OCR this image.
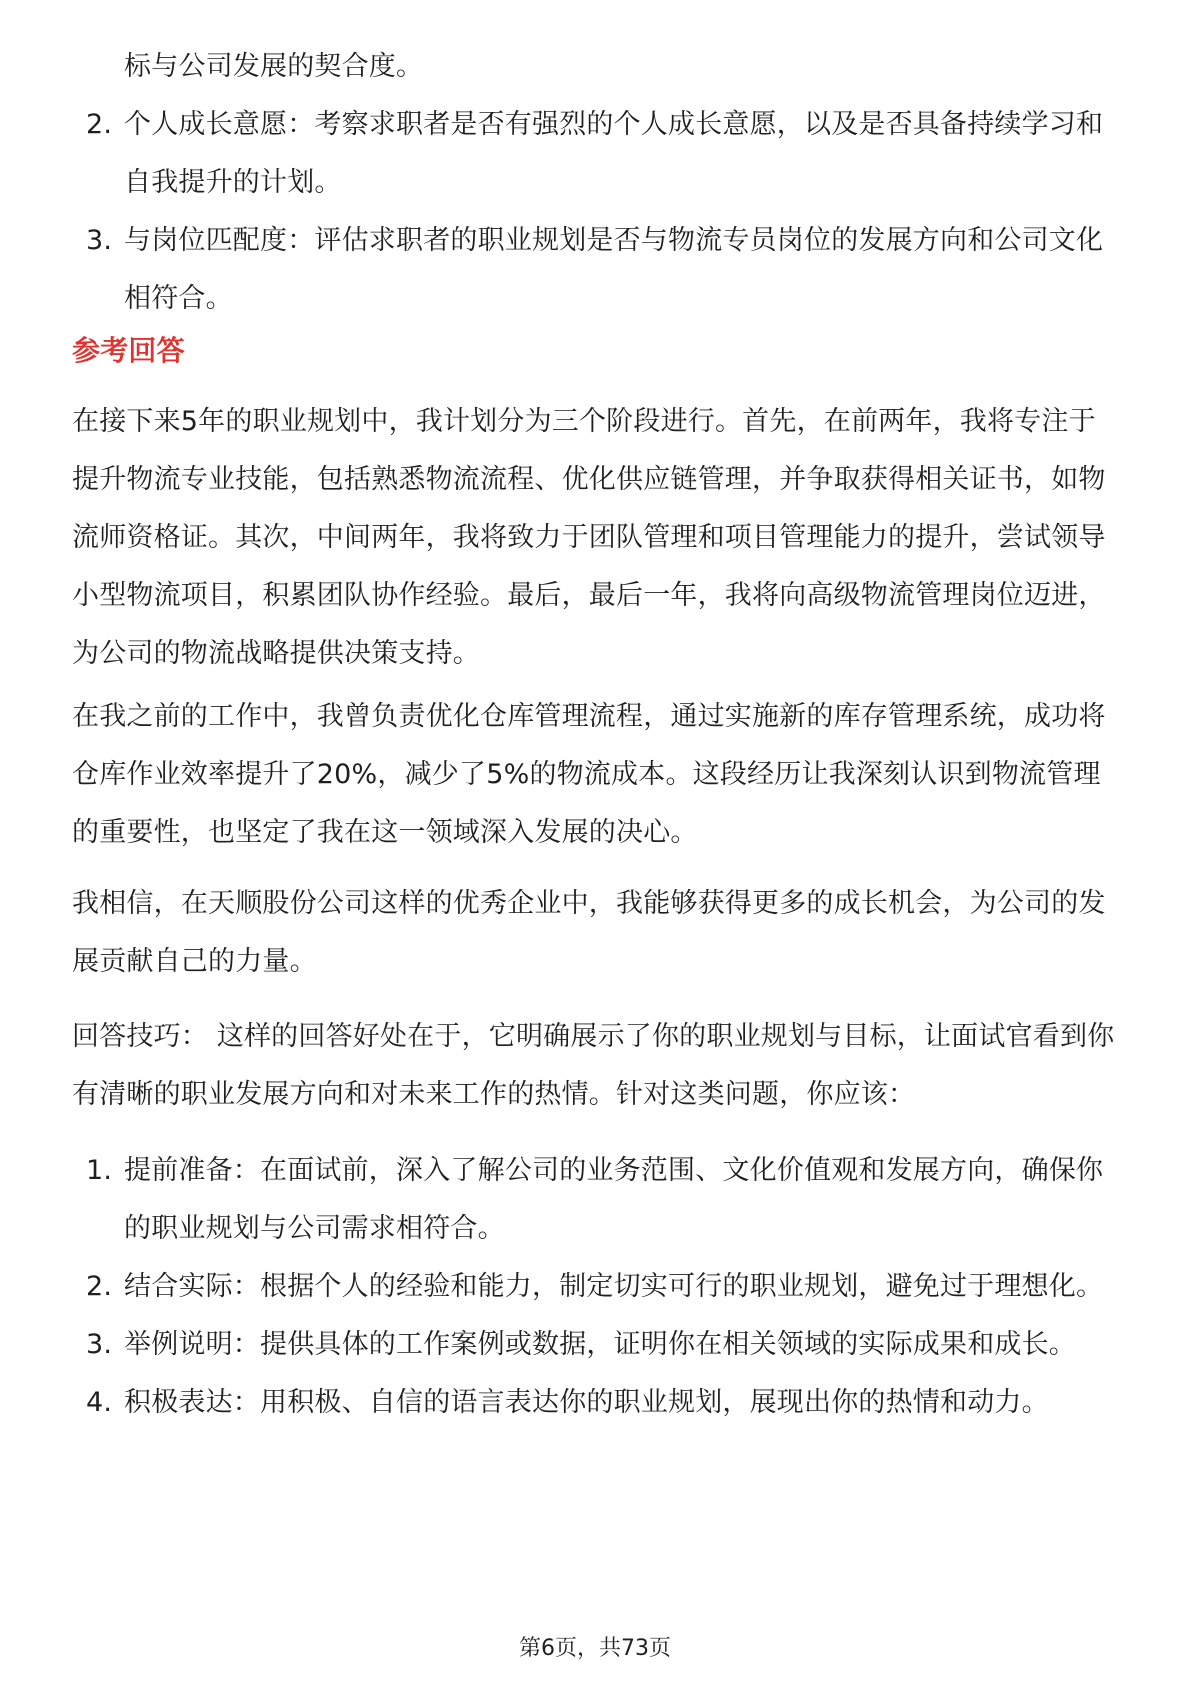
标与公司发展的契合度。
2. 个人成长意愿：考察求职者是否有强烈的个人成长意愿，以及是否具备持续学习和自我提升的计划。
3. 与岗位匹配度：评估求职者的职业规划是否与物流专员岗位的发展方向和公司文化相符合。
参考回答

在接下来5年的职业规划中，我计划分为三个阶段进行。首先，在前两年，我将专注于提升物流专业技能，包括熟悉物流流程、优化供应链管理，并争取获得相关证书，如物流师资格证。其次，中间两年，我将致力于团队管理和项目管理能力的提升，尝试领导小型物流项目，积累团队协作经验。最后，最后一年，我将向高级物流管理岗位迈进，为公司的物流战略提供决策支持。

在我之前的工作中，我曾负责优化仓库管理流程，通过实施新的库存管理系统，成功将仓库作业效率提升了20%，减少了5%的物流成本。这段经历让我深刻认识到物流管理的重要性，也坚定了我在这一领域深入发展的决心。

我相信，在天顺股份公司这样的优秀企业中，我能够获得更多的成长机会，为公司的发展贡献自己的力量。

回答技巧： 这样的回答好处在于，它明确展示了你的职业规划与目标，让面试官看到你有清晰的职业发展方向和对未来工作的热情。针对这类问题，你应该：

1. 提前准备：在面试前，深入了解公司的业务范围、文化价值观和发展方向，确保你的职业规划与公司需求相符合。
2. 结合实际：根据个人的经验和能力，制定切实可行的职业规划，避免过于理想化。
3. 举例说明：提供具体的工作案例或数据，证明你在相关领域的实际成果和成长。
4. 积极表达：用积极、自信的语言表达你的职业规划，展现出你的热情和动力。
第6页，共73页
